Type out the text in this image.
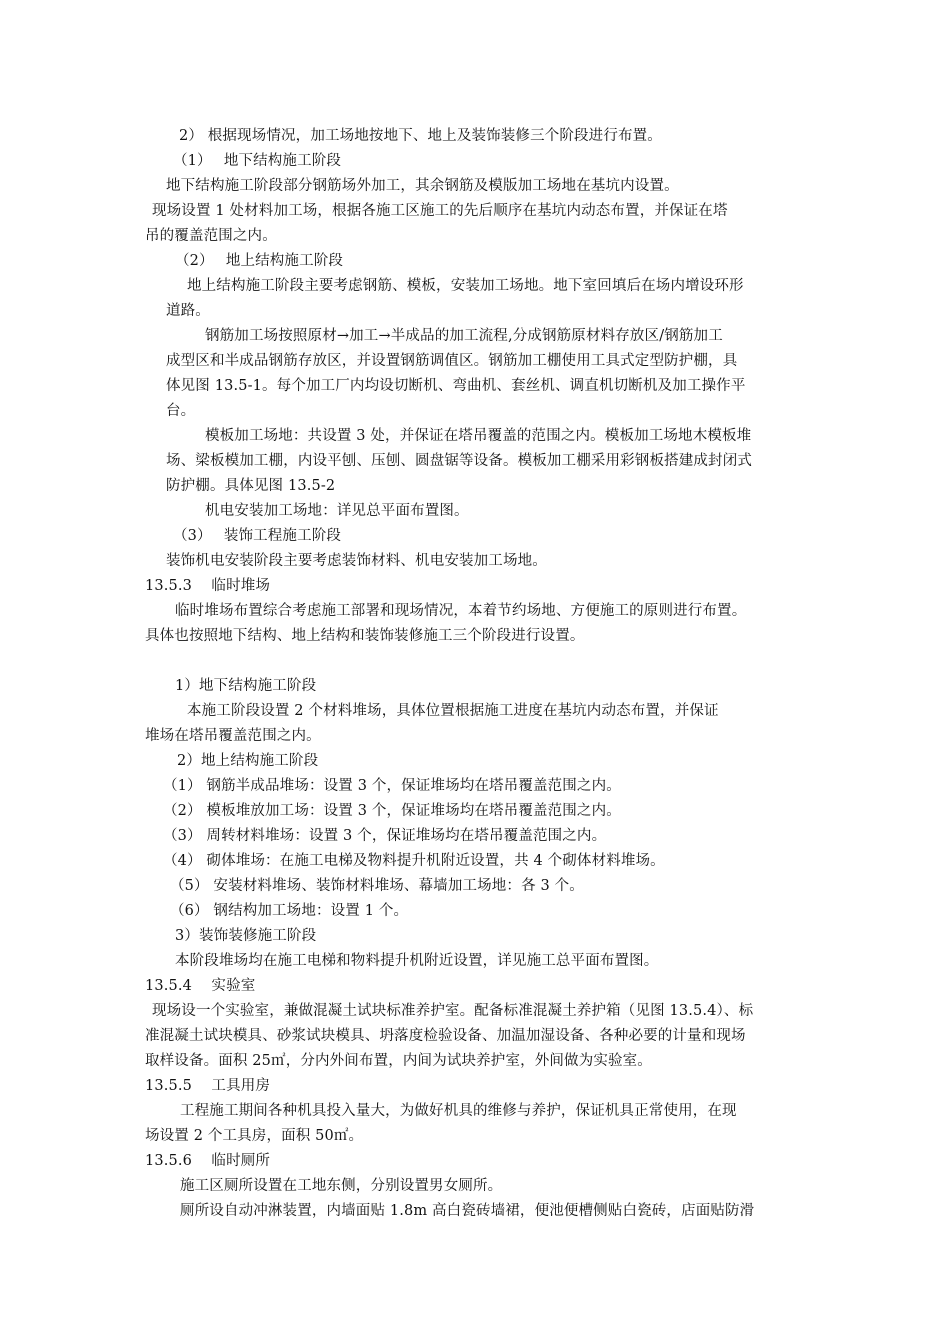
2） 根据现场情况，加工场地按地下、地上及装饰装修三个阶段进行布置。
（1）　 地下结构施工阶段
地下结构施工阶段部分钢筋场外加工，其余钢筋及模版加工场地在基坑内设置。
现场设置 1 处材料加工场，根据各施工区施工的先后顺序在基坑内动态布置，并保证在塔
吊的覆盖范围之内。
（2）　 地上结构施工阶段
地上结构施工阶段主要考虑钢筋、模板，安装加工场地。地下室回填后在场内增设环形
道路。
钢筋加工场按照原材→加工→半成品的加工流程,分成钢筋原材料存放区/钢筋加工
成型区和半成品钢筋存放区，并设置钢筋调值区。钢筋加工棚使用工具式定型防护棚，具
体见图 13.5-1。每个加工厂内均设切断机、弯曲机、套丝机、调直机切断机及加工操作平
台。
模板加工场地：共设置 3 处，并保证在塔吊覆盖的范围之内。模板加工场地木模板堆
场、梁板模加工棚，内设平刨、压刨、圆盘锯等设备。模板加工棚采用彩钢板搭建成封闭式
防护棚。具体见图 13.5-2
机电安装加工场地：详见总平面布置图。
（3）　 装饰工程施工阶段
装饰机电安装阶段主要考虑装饰材料、机电安装加工场地。
13.5.3　 临时堆场
临时堆场布置综合考虑施工部署和现场情况，本着节约场地、方便施工的原则进行布置。
具体也按照地下结构、地上结构和装饰装修施工三个阶段进行设置。
1）地下结构施工阶段
本施工阶段设置 2 个材料堆场，具体位置根据施工进度在基坑内动态布置，并保证
堆场在塔吊覆盖范围之内。
2）地上结构施工阶段
（1） 钢筋半成品堆场：设置 3 个，保证堆场均在塔吊覆盖范围之内。
（2） 模板堆放加工场：设置 3 个，保证堆场均在塔吊覆盖范围之内。
（3） 周转材料堆场：设置 3 个，保证堆场均在塔吊覆盖范围之内。
（4） 砌体堆场：在施工电梯及物料提升机附近设置，共 4 个砌体材料堆场。
（5） 安装材料堆场、装饰材料堆场、幕墙加工场地：各 3 个。
（6） 钢结构加工场地：设置 1 个。
3）装饰装修施工阶段
本阶段堆场均在施工电梯和物料提升机附近设置，详见施工总平面布置图。
13.5.4　 实验室
现场设一个实验室，兼做混凝土试块标准养护室。配备标准混凝土养护箱（见图 13.5.4）、标
准混凝土试块模具、砂浆试块模具、坍落度检验设备、加温加湿设备、各种必要的计量和现场
取样设备。面积 25㎡，分内外间布置，内间为试块养护室，外间做为实验室。
13.5.5　 工具用房
工程施工期间各种机具投入量大，为做好机具的维修与养护，保证机具正常使用，在现
场设置 2 个工具房，面积 50㎡。
13.5.6　 临时厕所
施工区厕所设置在工地东侧，分别设置男女厕所。
厕所设自动冲淋装置，内墙面贴 1.8m 高白瓷砖墙裙，便池便槽侧贴白瓷砖，店面贴防滑
